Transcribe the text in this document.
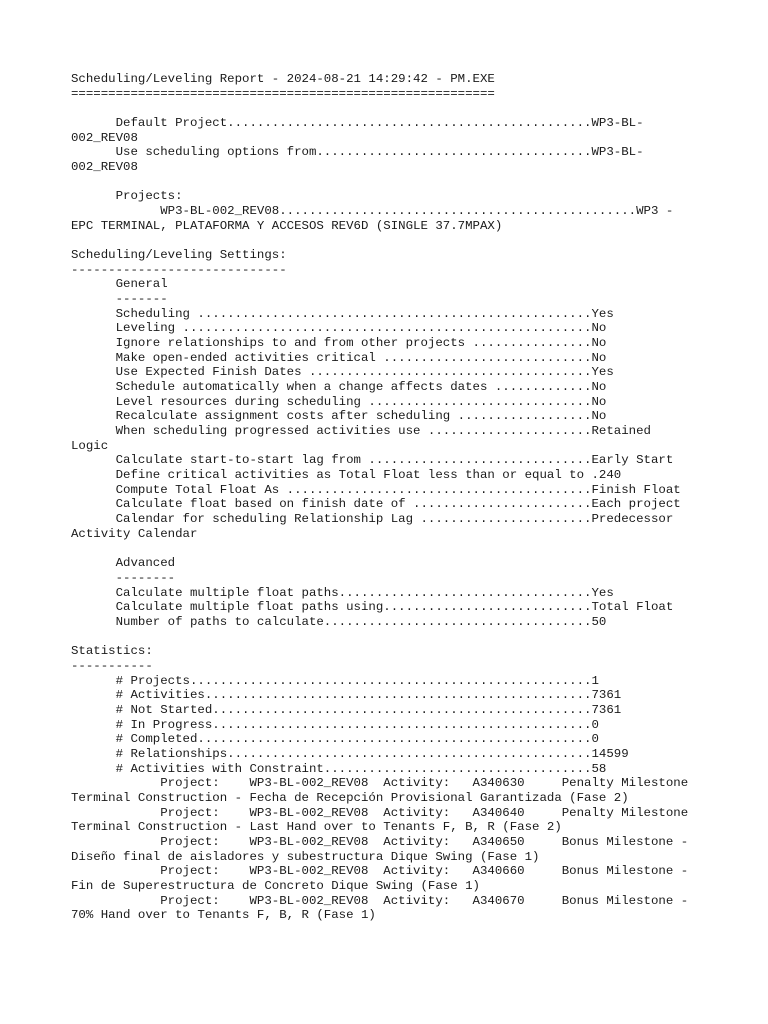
Scheduling/Leveling Report - 2024-08-21 14:29:42 - PM.EXE
=========================================================
Default Project.................................................WP3-BL-
002_REV08
Use scheduling options from.....................................WP3-BL-
002_REV08
Projects:
WP3-BL-002_REV08................................................WP3 -
EPC TERMINAL, PLATAFORMA Y ACCESOS REV6D (SINGLE 37.7MPAX)
Scheduling/Leveling Settings:
-----------------------------
General
-------
Scheduling .....................................................Yes
Leveling .......................................................No
Ignore relationships to and from other projects ................No
Make open-ended activities critical ............................No
Use Expected Finish Dates ......................................Yes
Schedule automatically when a change affects dates .............No
Level resources during scheduling ..............................No
Recalculate assignment costs after scheduling ..................No
When scheduling progressed activities use ......................Retained
Logic
Calculate start-to-start lag from ..............................Early Start
Define critical activities as Total Float less than or equal to .240
Compute Total Float As .........................................Finish Float
Calculate float based on finish date of ........................Each project
Calendar for scheduling Relationship Lag .......................Predecessor
Activity Calendar
Advanced
--------
Calculate multiple float paths..................................Yes
Calculate multiple float paths using............................Total Float
Number of paths to calculate....................................50
Statistics:
-----------
# Projects......................................................1
# Activities....................................................7361
# Not Started...................................................7361
# In Progress...................................................0
# Completed.....................................................0
# Relationships.................................................14599
# Activities with Constraint....................................58
Project:    WP3-BL-002_REV08  Activity:   A340630     Penalty Milestone
Terminal Construction - Fecha de Recepción Provisional Garantizada (Fase 2)
Project:    WP3-BL-002_REV08  Activity:   A340640     Penalty Milestone
Terminal Construction - Last Hand over to Tenants F, B, R (Fase 2)
Project:    WP3-BL-002_REV08  Activity:   A340650     Bonus Milestone -
Diseño final de aisladores y subestructura Dique Swing (Fase 1)
Project:    WP3-BL-002_REV08  Activity:   A340660     Bonus Milestone -
Fin de Superestructura de Concreto Dique Swing (Fase 1)
Project:    WP3-BL-002_REV08  Activity:   A340670     Bonus Milestone -
70% Hand over to Tenants F, B, R (Fase 1)
